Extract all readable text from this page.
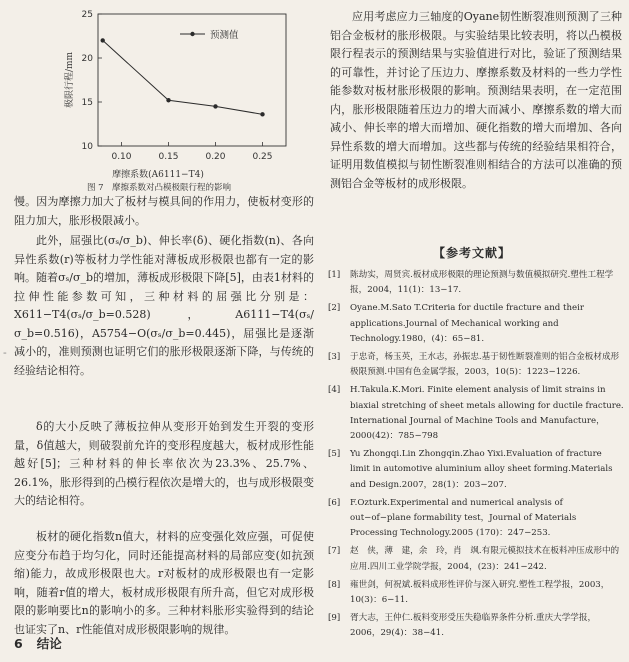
10
15
20
25
0.10	0.15	0.20	0.25
摩擦系数(A6111−T4)
极限行程/mm
预测值
图 7　摩擦系数对凸模极限行程的影响

慢。因为摩擦力加大了板材与模具间的作用力，使板材变形的阻力加大，胀形极限减小。

此外，屈强比(σₛ/σ_b)、伸长率(δ)、硬化指数(n)、各向异性系数(r)等板材力学性能对薄板成形极限也都有一定的影响。随着σₛ/σ_b的增加，薄板成形极限下降[5]，由表1材料的拉伸性能参数可知，三种材料的屈强比分别是：X611−T4(σₛ/σ_b=0.528)，A6111−T4(σₛ/σ_b=0.516)，A5754−O(σₛ/σ_b=0.445)，屈强比是逐渐减小的，准则预测也证明它们的胀形极限逐渐下降，与传统的经验结论相符。

δ的大小反映了薄板拉伸从变形开始到发生开裂的变形量，δ值越大，则破裂前允许的变形程度越大，板材成形性能越好[5]；三种材料的伸长率依次为23.3%、25.7%、26.1%，胀形得到的凸模行程依次是增大的，也与成形极限变大的结论相符。

板材的硬化指数n值大，材料的应变强化效应强，可促使应变分布趋于均匀化，同时还能提高材料的局部应变(如抗颈缩)能力，故成形极限也大。r对板材的成形极限也有一定影响，随着r值的增大，板材成形极限有所升高，但它对成形极限的影响要比n的影响小的多。三种材料胀形实验得到的结论也证实了n、r性能值对成形极限影响的规律。

-
6 结论

应用考虑应力三轴度的Oyane韧性断裂准则预测了三种铝合金板材的胀形极限。与实验结果比较表明，将以凸模极限行程表示的预测结果与实验值进行对比，验证了预测结果的可靠性，并讨论了压边力、摩擦系数及材料的一些力学性能参数对板材胀形极限的影响。预测结果表明，在一定范围内，胀形极限随着压边力的增大而减小、摩擦系数的增大而减小、伸长率的增大而增加、硬化指数的增大而增加、各向异性系数的增大而增加。这些都与传统的经验结果相符合，证明用数值模拟与韧性断裂准则相结合的方法可以准确的预测铝合金等板材的成形极限。

【参考文献】
[1] 陈劫实，周贤宾.板材成形极限的理论预测与数值模拟研究.塑性工程学报，2004，11(1)：13−17.
[2] Oyane.M.Sato T.Criteria for ductile fracture and their applications.Journal of Mechanical working and Technology.1980，(4)：65−81.
[3] 于忠奇，杨玉英，王水志，孙振忠.基于韧性断裂准则的铝合金板材成形极限预测.中国有色金属学报，2003，10(5)：1223−1226.
[4] H.Takula.K.Mori. Finite element analysis of limit strains in biaxial stretching of sheet metals allowing for ductile fracture. International Journal of Machine Tools and Manufacture，2000(42)：785−798
[5] Yu Zhongqi.Lin Zhongqin.Zhao Yixi.Evaluation of fracture limit in automotive aluminium alloy sheet forming.Materials and Design.2007，28(1)：203−207.
[6] F.Ozturk.Experimental and numerical analysis of out−of−plane formability test，Journal of Materials Processing Technology.2005 (170)：247−253.
[7] 赵　侠，薄　建，余　玲，肖　飒.有限元模拟技术在板料冲压成形中的应用.四川工业学院学报，2004，(23)：241−242.
[8] 雍世剑，何祝斌.板料成形性评价与深入研究.塑性工程学报，2003，10(3)：6−11.
[9] 胥大志，王仲仁.板料变形受压失稳临界条件分析.重庆大学学报，2006，29(4)：38−41.
